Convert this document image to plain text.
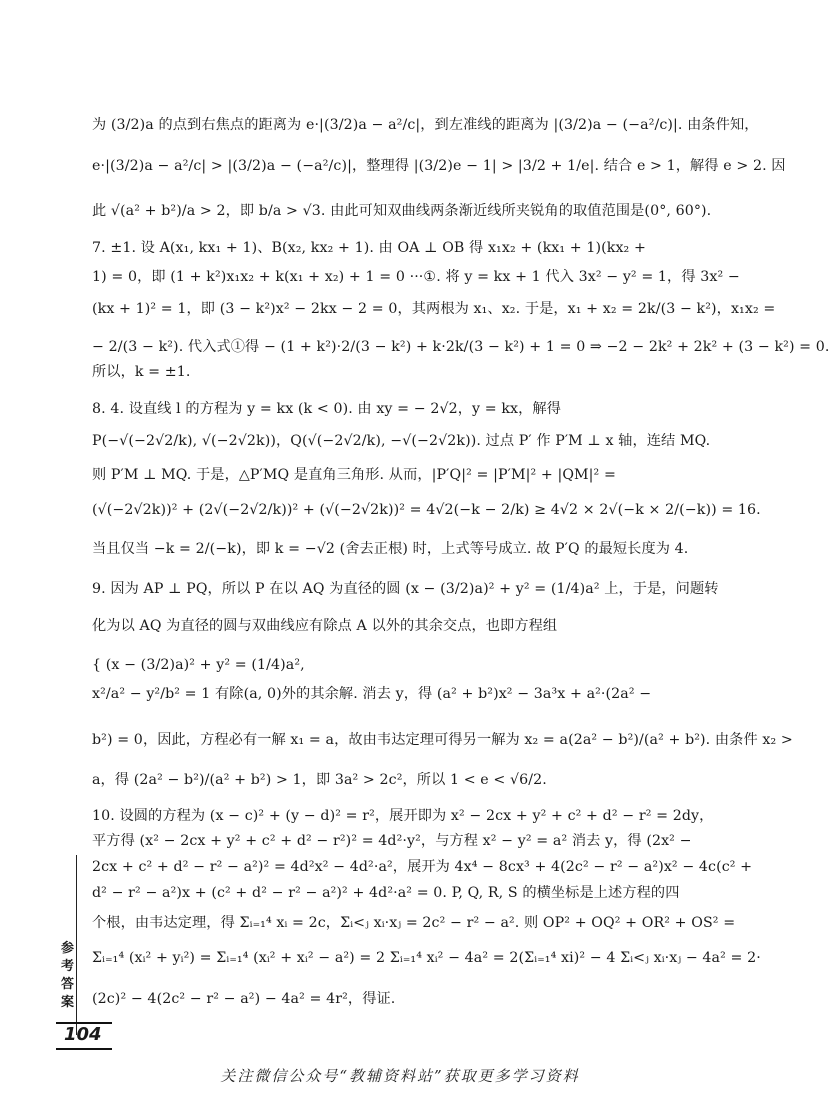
为 (3/2)a 的点到右焦点的距离为 e·|(3/2)a − a²/c|，到左准线的距离为 |(3/2)a − (−a²/c)|. 由条件知，
e·|(3/2)a − a²/c| > |(3/2)a − (−a²/c)|，整理得 |(3/2)e − 1| > |3/2 + 1/e|. 结合 e > 1，解得 e > 2. 因
此 √(a² + b²)/a > 2，即 b/a > √3. 由此可知双曲线两条渐近线所夹锐角的取值范围是(0°, 60°).
7. ±1. 设 A(x₁, kx₁ + 1)、B(x₂, kx₂ + 1). 由 OA ⊥ OB 得 x₁x₂ + (kx₁ + 1)(kx₂ +
1) = 0，即 (1 + k²)x₁x₂ + k(x₁ + x₂) + 1 = 0 ···①. 将 y = kx + 1 代入 3x² − y² = 1，得 3x² −
(kx + 1)² = 1，即 (3 − k²)x² − 2kx − 2 = 0，其两根为 x₁、x₂. 于是，x₁ + x₂ = 2k/(3 − k²)，x₁x₂ =
− 2/(3 − k²). 代入式①得 − (1 + k²)·2/(3 − k²) + k·2k/(3 − k²) + 1 = 0 ⇒ −2 − 2k² + 2k² + (3 − k²) = 0.
所以，k = ±1.
8. 4. 设直线 l 的方程为 y = kx (k < 0). 由 xy = − 2√2，y = kx，解得
P(−√(−2√2/k), √(−2√2k))，Q(√(−2√2/k), −√(−2√2k)). 过点 P′ 作 P′M ⊥ x 轴，连结 MQ.
则 P′M ⊥ MQ. 于是，△P′MQ 是直角三角形. 从而，|P′Q|² = |P′M|² + |QM|² =
(√(−2√2k))² + (2√(−2√2/k))² + (√(−2√2k))² = 4√2(−k − 2/k) ≥ 4√2 × 2√(−k × 2/(−k)) = 16.
当且仅当 −k = 2/(−k)，即 k = −√2 (舍去正根) 时，上式等号成立. 故 P′Q 的最短长度为 4.
9. 因为 AP ⊥ PQ，所以 P 在以 AQ 为直径的圆 (x − (3/2)a)² + y² = (1/4)a² 上，于是，问题转
化为以 AQ 为直径的圆与双曲线应有除点 A 以外的其余交点，也即方程组
{ (x − (3/2)a)² + y² = (1/4)a²,
x²/a² − y²/b² = 1 有除(a, 0)外的其余解. 消去 y，得 (a² + b²)x² − 3a³x + a²·(2a² −
b²) = 0，因此，方程必有一解 x₁ = a，故由韦达定理可得另一解为 x₂ = a(2a² − b²)/(a² + b²). 由条件 x₂ >
a，得 (2a² − b²)/(a² + b²) > 1，即 3a² > 2c²，所以 1 < e < √6/2.
10. 设圆的方程为 (x − c)² + (y − d)² = r²，展开即为 x² − 2cx + y² + c² + d² − r² = 2dy，
平方得 (x² − 2cx + y² + c² + d² − r²)² = 4d²·y²，与方程 x² − y² = a² 消去 y，得 (2x² −
2cx + c² + d² − r² − a²)² = 4d²x² − 4d²·a²，展开为 4x⁴ − 8cx³ + 4(2c² − r² − a²)x² − 4c(c² +
d² − r² − a²)x + (c² + d² − r² − a²)² + 4d²·a² = 0. P, Q, R, S 的横坐标是上述方程的四
个根，由韦达定理，得 Σᵢ₌₁⁴ xᵢ = 2c，Σᵢ<ⱼ xᵢ·xⱼ = 2c² − r² − a². 则 OP² + OQ² + OR² + OS² =
Σᵢ₌₁⁴ (xᵢ² + yᵢ²) = Σᵢ₌₁⁴ (xᵢ² + xᵢ² − a²) = 2 Σᵢ₌₁⁴ xᵢ² − 4a² = 2(Σᵢ₌₁⁴ xi)² − 4 Σᵢ<ⱼ xᵢ·xⱼ − 4a² = 2·
(2c)² − 4(2c² − r² − a²) − 4a² = 4r²，得证.
参考答案
104
关注微信公众号“教辅资料站”获取更多学习资料
